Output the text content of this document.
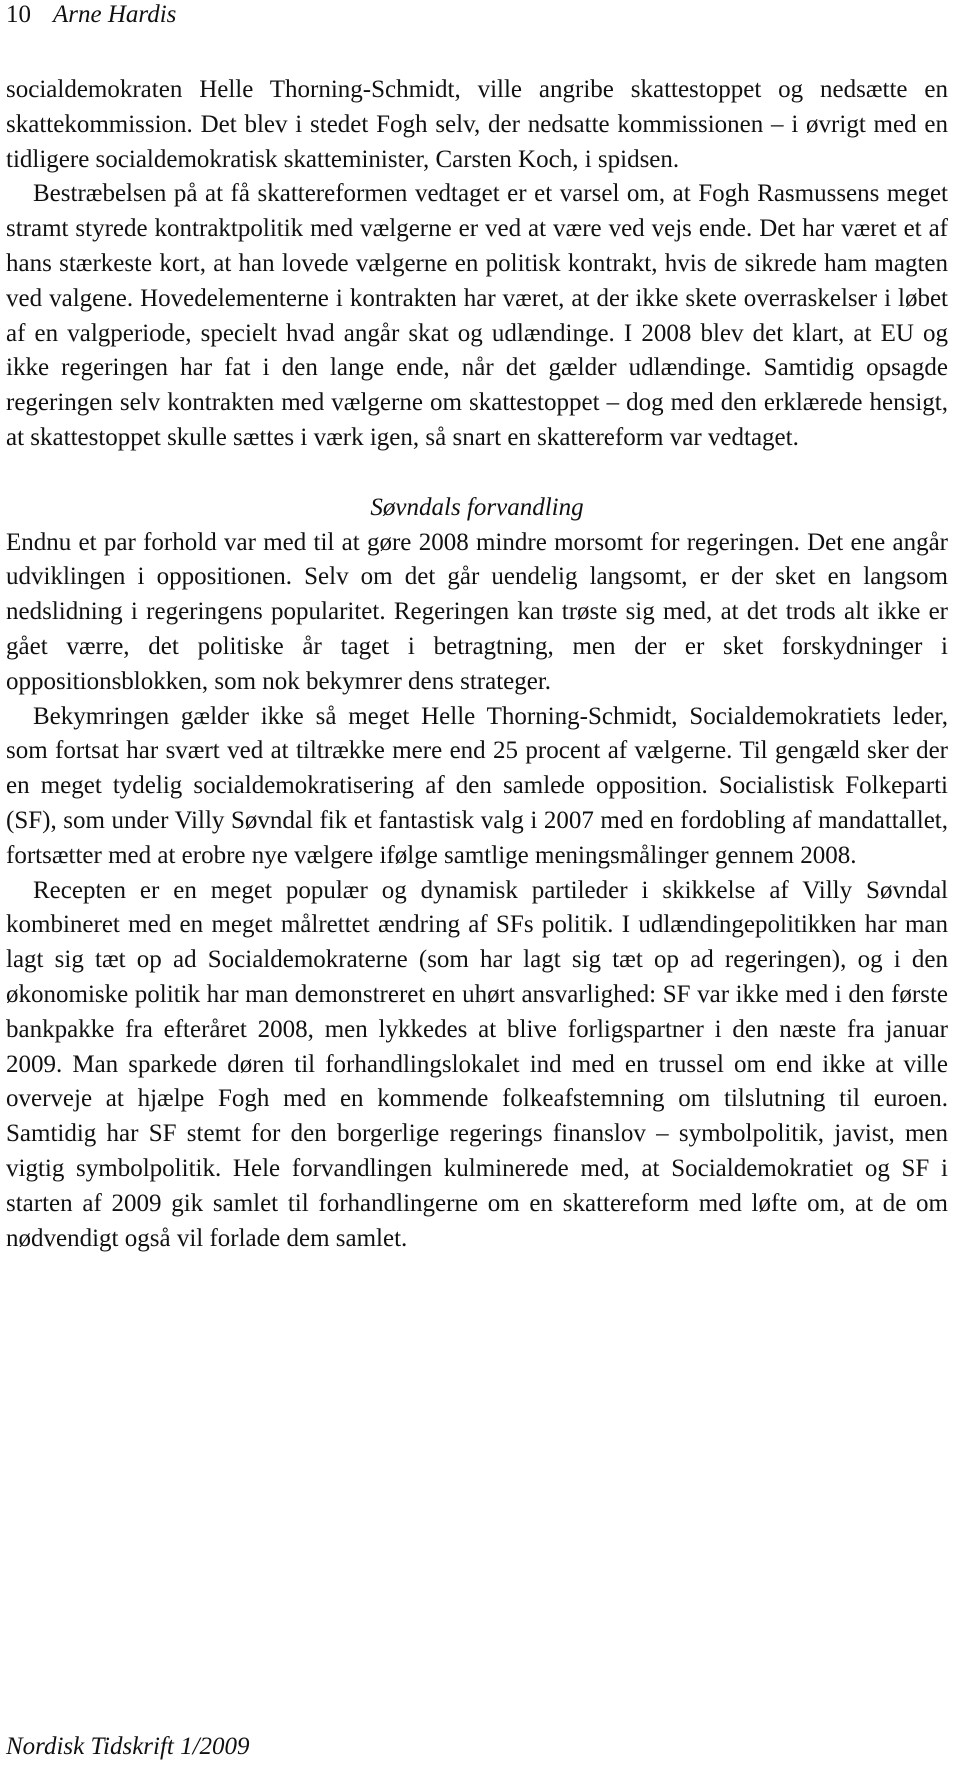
10 Arne Hardis

socialdemokraten Helle Thorning-Schmidt, ville angribe skattestoppet og nedsætte en skattekommission. Det blev i stedet Fogh selv, der nedsatte kommissionen – i øvrigt med en tidligere socialdemokratisk skatteminister, Carsten Koch, i spidsen.

Bestræbelsen på at få skattereformen vedtaget er et varsel om, at Fogh Rasmussens meget stramt styrede kontraktpolitik med vælgerne er ved at være ved vejs ende. Det har været et af hans stærkeste kort, at han lovede vælgerne en politisk kontrakt, hvis de sikrede ham magten ved valgene. Hovedelementerne i kontrakten har været, at der ikke skete overraskelser i løbet af en valgperiode, specielt hvad angår skat og udlændinge. I 2008 blev det klart, at EU og ikke regeringen har fat i den lange ende, når det gælder udlændinge. Samtidig opsagde regeringen selv kontrakten med vælgerne om skattestoppet – dog med den erklærede hensigt, at skattestoppet skulle sættes i værk igen, så snart en skattereform var vedtaget.

Søvndals forvandling

Endnu et par forhold var med til at gøre 2008 mindre morsomt for regeringen. Det ene angår udviklingen i oppositionen. Selv om det går uendelig langsomt, er der sket en langsom nedslidning i regeringens popularitet. Regeringen kan trøste sig med, at det trods alt ikke er gået værre, det politiske år taget i betragtning, men der er sket forskydninger i oppositionsblokken, som nok bekymrer dens strateger.

Bekymringen gælder ikke så meget Helle Thorning-Schmidt, Socialdemokratiets leder, som fortsat har svært ved at tiltrække mere end 25 procent af vælgerne. Til gengæld sker der en meget tydelig socialdemokratisering af den samlede opposition. Socialistisk Folkeparti (SF), som under Villy Søvndal fik et fantastisk valg i 2007 med en fordobling af mandattallet, fortsætter med at erobre nye vælgere ifølge samtlige meningsmålinger gennem 2008.

Recepten er en meget populær og dynamisk partileder i skikkelse af Villy Søvndal kombineret med en meget målrettet ændring af SFs politik. I udlændingepolitikken har man lagt sig tæt op ad Socialdemokraterne (som har lagt sig tæt op ad regeringen), og i den økonomiske politik har man demonstreret en uhørt ansvarlighed: SF var ikke med i den første bankpakke fra efteråret 2008, men lykkedes at blive forligspartner i den næste fra januar 2009. Man sparkede døren til forhandlingslokalet ind med en trussel om end ikke at ville overveje at hjælpe Fogh med en kommende folkeafstemning om tilslutning til euroen. Samtidig har SF stemt for den borgerlige regerings finanslov – symbolpolitik, javist, men vigtig symbolpolitik. Hele forvandlingen kulminerede med, at Socialdemokratiet og SF i starten af 2009 gik samlet til forhandlingerne om en skattereform med løfte om, at de om nødvendigt også vil forlade dem samlet.

Nordisk Tidskrift 1/2009
